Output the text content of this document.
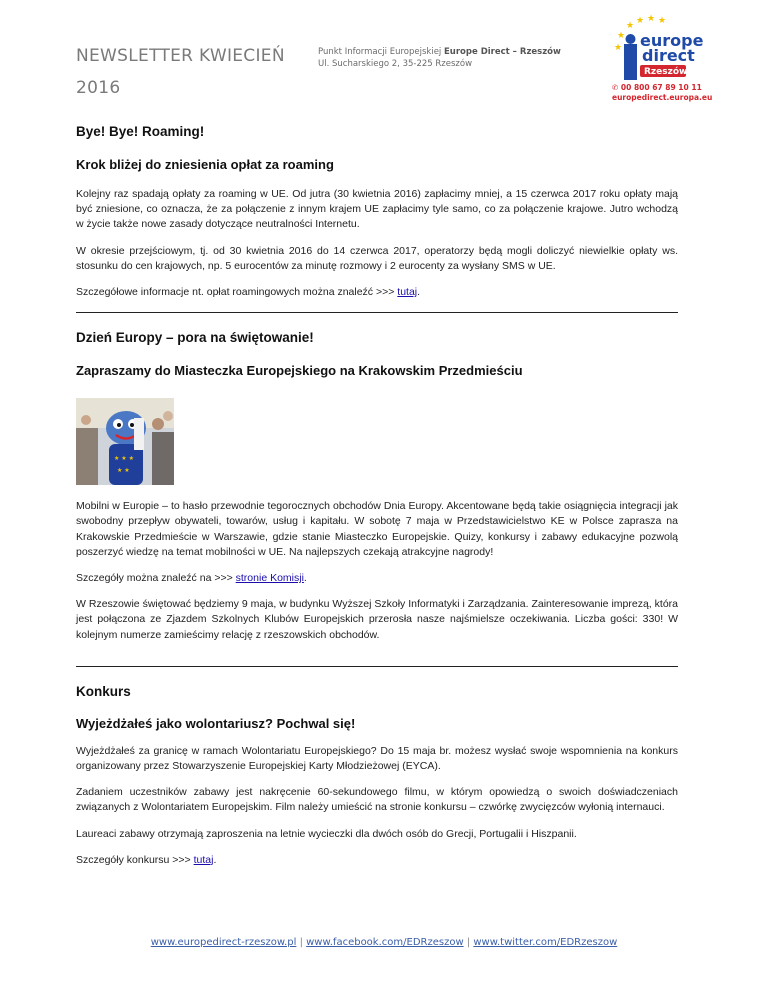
NEWSLETTER KWIECIEŃ
2016
Punkt Informacji Europejskiej Europe Direct – Rzeszów
Ul. Sucharskiego 2, 35-225 Rzeszów
★ ★ ★ ★
★
★ europe
direct
Rzeszów
✆ 00 800 67 89 10 11
europedirect.europa.eu
Bye! Bye! Roaming!
Krok bliżej do zniesienia opłat za roaming

Kolejny raz spadają opłaty za roaming w UE. Od jutra (30 kwietnia 2016) zapłacimy mniej, a 15 czerwca 2017 roku opłaty mają być zniesione, co oznacza, że za połączenie z innym krajem UE zapłacimy tyle samo, co za połączenie krajowe. Jutro wchodzą w życie także nowe zasady dotyczące neutralności Internetu.

W okresie przejściowym, tj. od 30 kwietnia 2016 do 14 czerwca 2017, operatorzy będą mogli doliczyć niewielkie opłaty ws. stosunku do cen krajowych, np. 5 eurocentów za minutę rozmowy i 2 eurocenty za wysłany SMS w UE.

Szczegółowe informacje nt. opłat roamingowych można znaleźć >>> tutaj.

Dzień Europy – pora na świętowanie!
Zapraszamy do Miasteczka Europejskiego na Krakowskim Przedmieściu
★ ★ ★
★ ★

Mobilni w Europie – to hasło przewodnie tegorocznych obchodów Dnia Europy. Akcentowane będą takie osiągnięcia integracji jak swobodny przepływ obywateli, towarów, usług i kapitału. W sobotę 7 maja w Przedstawicielstwo KE w Polsce zaprasza na Krakowskie Przedmieście w Warszawie, gdzie stanie Miasteczko Europejskie. Quizy, konkursy i zabawy edukacyjne pozwolą poszerzyć wiedzę na temat mobilności w UE. Na najlepszych czekają atrakcyjne nagrody!

Szczegóły można znaleźć na >>> stronie Komisji.

W Rzeszowie świętować będziemy 9 maja, w budynku Wyższej Szkoły Informatyki i Zarządzania. Zainteresowanie imprezą, która jest połączona ze Zjazdem Szkolnych Klubów Europejskich przerosła nasze najśmielsze oczekiwania. Liczba gości: 330! W kolejnym numerze zamieścimy relację z rzeszowskich obchodów.

Konkurs
Wyjeżdżałeś jako wolontariusz? Pochwal się!

Wyjeżdżałeś za granicę w ramach Wolontariatu Europejskiego? Do 15 maja br. możesz wysłać swoje wspomnienia na konkurs organizowany przez Stowarzyszenie Europejskiej Karty Młodzieżowej (EYCA).

Zadaniem uczestników zabawy jest nakręcenie 60-sekundowego filmu, w którym opowiedzą o swoich doświadczeniach związanych z Wolontariatem Europejskim. Film należy umieścić na stronie konkursu – czwórkę zwycięzców wyłonią internauci.

Laureaci zabawy otrzymają zaproszenia na letnie wycieczki dla dwóch osób do Grecji, Portugalii i Hiszpanii.

Szczegóły konkursu >>> tutaj.

www.europedirect-rzeszow.pl | www.facebook.com/EDRzeszow | www.twitter.com/EDRzeszow
